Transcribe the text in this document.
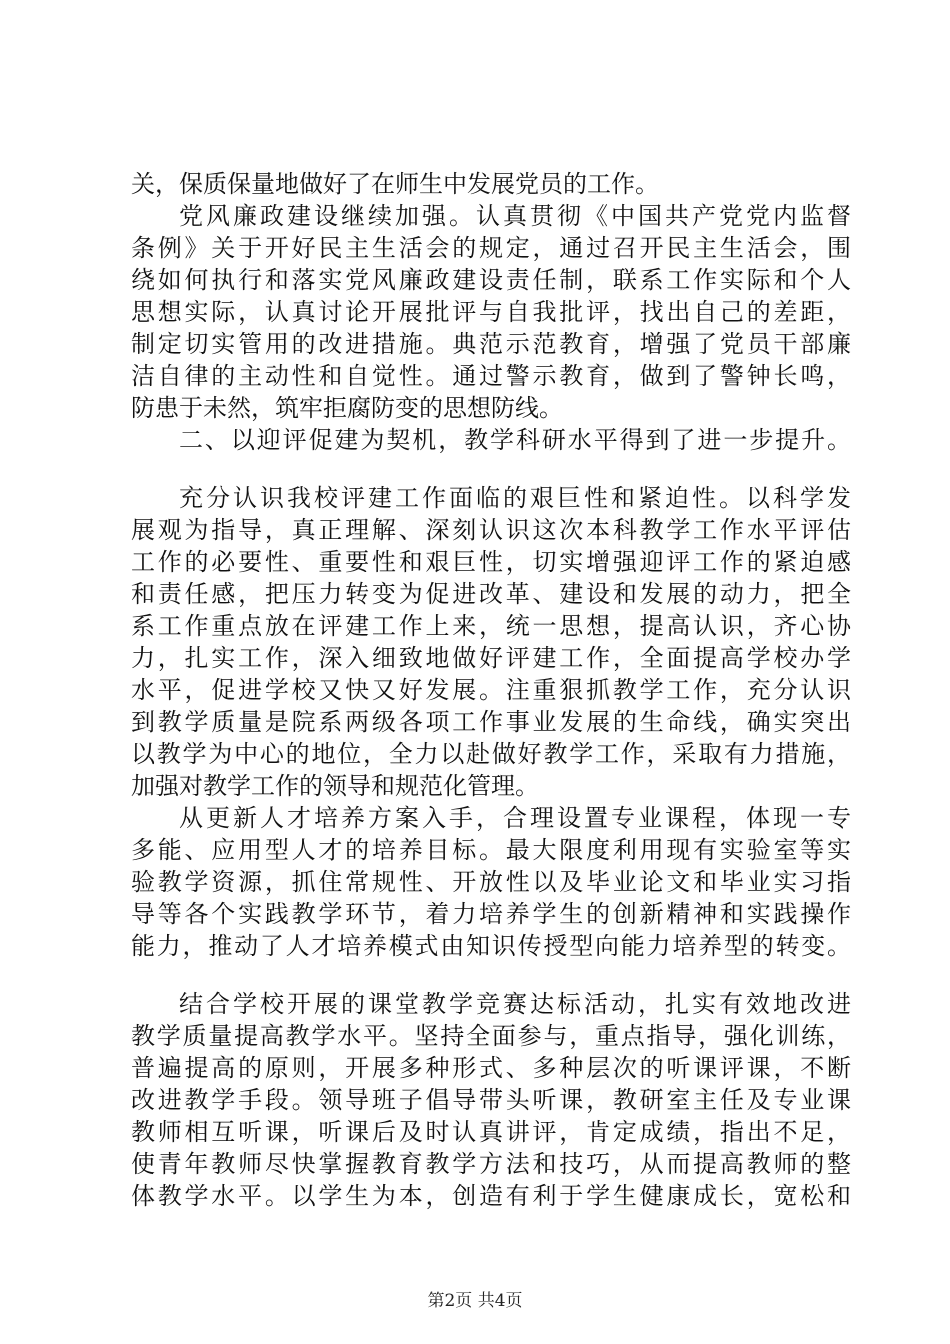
关，保质保量地做好了在师生中发展党员的工作。
党风廉政建设继续加强。认真贯彻《中国共产党党内监督
条例》关于开好民主生活会的规定，通过召开民主生活会，围
绕如何执行和落实党风廉政建设责任制，联系工作实际和个人
思想实际，认真讨论开展批评与自我批评，找出自己的差距，
制定切实管用的改进措施。典范示范教育，增强了党员干部廉
洁自律的主动性和自觉性。通过警示教育，做到了警钟长鸣，
防患于未然，筑牢拒腐防变的思想防线。
二、以迎评促建为契机，教学科研水平得到了进一步提升。
充分认识我校评建工作面临的艰巨性和紧迫性。以科学发
展观为指导，真正理解、深刻认识这次本科教学工作水平评估
工作的必要性、重要性和艰巨性，切实增强迎评工作的紧迫感
和责任感，把压力转变为促进改革、建设和发展的动力，把全
系工作重点放在评建工作上来，统一思想，提高认识，齐心协
力，扎实工作，深入细致地做好评建工作，全面提高学校办学
水平，促进学校又快又好发展。注重狠抓教学工作，充分认识
到教学质量是院系两级各项工作事业发展的生命线，确实突出
以教学为中心的地位，全力以赴做好教学工作，采取有力措施，
加强对教学工作的领导和规范化管理。
从更新人才培养方案入手，合理设置专业课程，体现一专
多能、应用型人才的培养目标。最大限度利用现有实验室等实
验教学资源，抓住常规性、开放性以及毕业论文和毕业实习指
导等各个实践教学环节，着力培养学生的创新精神和实践操作
能力，推动了人才培养模式由知识传授型向能力培养型的转变。
结合学校开展的课堂教学竞赛达标活动，扎实有效地改进
教学质量提高教学水平。坚持全面参与，重点指导，强化训练，
普遍提高的原则，开展多种形式、多种层次的听课评课，不断
改进教学手段。领导班子倡导带头听课，教研室主任及专业课
教师相互听课，听课后及时认真讲评，肯定成绩，指出不足，
使青年教师尽快掌握教育教学方法和技巧，从而提高教师的整
体教学水平。以学生为本，创造有利于学生健康成长，宽松和
第2页 共4页
